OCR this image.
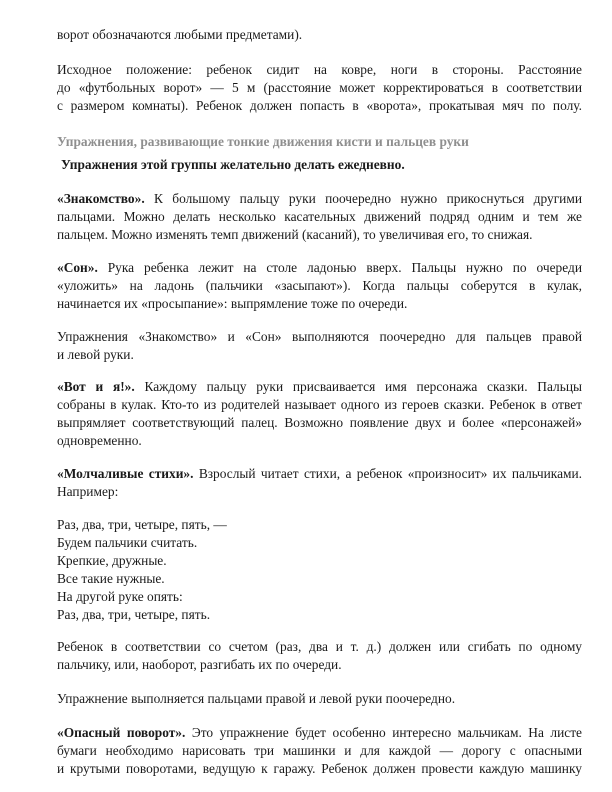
ворот обозначаются любыми предметами).
Исходное положение: ребенок сидит на ковре, ноги в стороны. Расстояние
до «футбольных ворот» — 5 м (расстояние может корректироваться в соответствии
с размером комнаты). Ребенок должен попасть в «ворота», прокатывая мяч по полу.
Упражнения, развивающие тонкие движения кисти и пальцев руки
Упражнения этой группы желательно делать ежедневно.
«Знакомство». К большому пальцу руки поочередно нужно прикоснуться другими
пальцами. Можно делать несколько касательных движений подряд одним и тем же
пальцем. Можно изменять темп движений (касаний), то увеличивая его, то снижая.
«Сон». Рука ребенка лежит на столе ладонью вверх. Пальцы нужно по очереди
«уложить» на ладонь (пальчики «засыпают»). Когда пальцы соберутся в кулак,
начинается их «просыпание»: выпрямление тоже по очереди.
Упражнения «Знакомство» и «Сон» выполняются поочередно для пальцев правой
и левой руки.
«Вот и я!». Каждому пальцу руки присваивается имя персонажа сказки. Пальцы
собраны в кулак. Кто-то из родителей называет одного из героев сказки. Ребенок в ответ
выпрямляет соответствующий палец. Возможно появление двух и более «персонажей»
одновременно.
«Молчаливые стихи». Взрослый читает стихи, а ребенок «произносит» их пальчиками.
Например:
Раз, два, три, четыре, пять, —
Будем пальчики считать.
Крепкие, дружные.
Все такие нужные.
На другой руке опять:
Раз, два, три, четыре, пять.
Ребенок в соответствии со счетом (раз, два и т. д.) должен или сгибать по одному
пальчику, или, наоборот, разгибать их по очереди.
Упражнение выполняется пальцами правой и левой руки поочередно.
«Опасный поворот». Это упражнение будет особенно интересно мальчикам. На листе
бумаги необходимо нарисовать три машинки и для каждой — дорогу с опасными
и крутыми поворотами, ведущую к гаражу. Ребенок должен провести каждую машинку
